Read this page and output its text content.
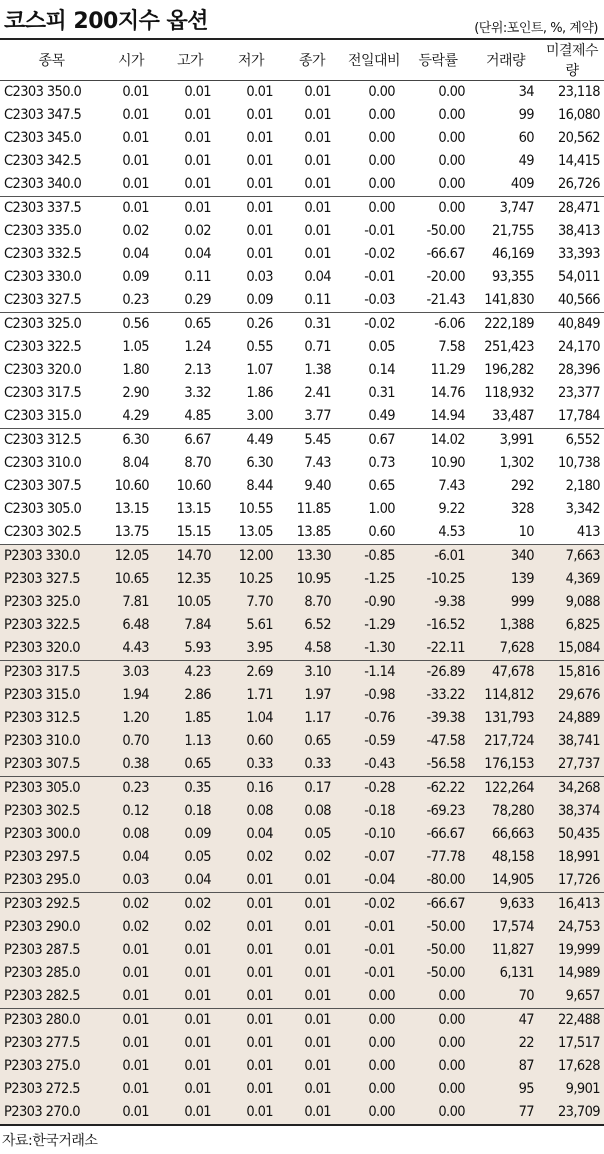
코스피 200지수 옵션	(단위:포인트, %, 계약)
종목	시가	고가	저가	종가	전일대비	등락률	거래량	미결제수량
C2303 350.0	0.01	0.01	0.01	0.01	0.00	0.00	34	23,118
C2303 347.5	0.01	0.01	0.01	0.01	0.00	0.00	99	16,080
C2303 345.0	0.01	0.01	0.01	0.01	0.00	0.00	60	20,562
C2303 342.5	0.01	0.01	0.01	0.01	0.00	0.00	49	14,415
C2303 340.0	0.01	0.01	0.01	0.01	0.00	0.00	409	26,726
C2303 337.5	0.01	0.01	0.01	0.01	0.00	0.00	3,747	28,471
C2303 335.0	0.02	0.02	0.01	0.01	-0.01	-50.00	21,755	38,413
C2303 332.5	0.04	0.04	0.01	0.01	-0.02	-66.67	46,169	33,393
C2303 330.0	0.09	0.11	0.03	0.04	-0.01	-20.00	93,355	54,011
C2303 327.5	0.23	0.29	0.09	0.11	-0.03	-21.43	141,830	40,566
C2303 325.0	0.56	0.65	0.26	0.31	-0.02	-6.06	222,189	40,849
C2303 322.5	1.05	1.24	0.55	0.71	0.05	7.58	251,423	24,170
C2303 320.0	1.80	2.13	1.07	1.38	0.14	11.29	196,282	28,396
C2303 317.5	2.90	3.32	1.86	2.41	0.31	14.76	118,932	23,377
C2303 315.0	4.29	4.85	3.00	3.77	0.49	14.94	33,487	17,784
C2303 312.5	6.30	6.67	4.49	5.45	0.67	14.02	3,991	6,552
C2303 310.0	8.04	8.70	6.30	7.43	0.73	10.90	1,302	10,738
C2303 307.5	10.60	10.60	8.44	9.40	0.65	7.43	292	2,180
C2303 305.0	13.15	13.15	10.55	11.85	1.00	9.22	328	3,342
C2303 302.5	13.75	15.15	13.05	13.85	0.60	4.53	10	413
P2303 330.0	12.05	14.70	12.00	13.30	-0.85	-6.01	340	7,663
P2303 327.5	10.65	12.35	10.25	10.95	-1.25	-10.25	139	4,369
P2303 325.0	7.81	10.05	7.70	8.70	-0.90	-9.38	999	9,088
P2303 322.5	6.48	7.84	5.61	6.52	-1.29	-16.52	1,388	6,825
P2303 320.0	4.43	5.93	3.95	4.58	-1.30	-22.11	7,628	15,084
P2303 317.5	3.03	4.23	2.69	3.10	-1.14	-26.89	47,678	15,816
P2303 315.0	1.94	2.86	1.71	1.97	-0.98	-33.22	114,812	29,676
P2303 312.5	1.20	1.85	1.04	1.17	-0.76	-39.38	131,793	24,889
P2303 310.0	0.70	1.13	0.60	0.65	-0.59	-47.58	217,724	38,741
P2303 307.5	0.38	0.65	0.33	0.33	-0.43	-56.58	176,153	27,737
P2303 305.0	0.23	0.35	0.16	0.17	-0.28	-62.22	122,264	34,268
P2303 302.5	0.12	0.18	0.08	0.08	-0.18	-69.23	78,280	38,374
P2303 300.0	0.08	0.09	0.04	0.05	-0.10	-66.67	66,663	50,435
P2303 297.5	0.04	0.05	0.02	0.02	-0.07	-77.78	48,158	18,991
P2303 295.0	0.03	0.04	0.01	0.01	-0.04	-80.00	14,905	17,726
P2303 292.5	0.02	0.02	0.01	0.01	-0.02	-66.67	9,633	16,413
P2303 290.0	0.02	0.02	0.01	0.01	-0.01	-50.00	17,574	24,753
P2303 287.5	0.01	0.01	0.01	0.01	-0.01	-50.00	11,827	19,999
P2303 285.0	0.01	0.01	0.01	0.01	-0.01	-50.00	6,131	14,989
P2303 282.5	0.01	0.01	0.01	0.01	0.00	0.00	70	9,657
P2303 280.0	0.01	0.01	0.01	0.01	0.00	0.00	47	22,488
P2303 277.5	0.01	0.01	0.01	0.01	0.00	0.00	22	17,517
P2303 275.0	0.01	0.01	0.01	0.01	0.00	0.00	87	17,628
P2303 272.5	0.01	0.01	0.01	0.01	0.00	0.00	95	9,901
P2303 270.0	0.01	0.01	0.01	0.01	0.00	0.00	77	23,709
자료:한국거래소
